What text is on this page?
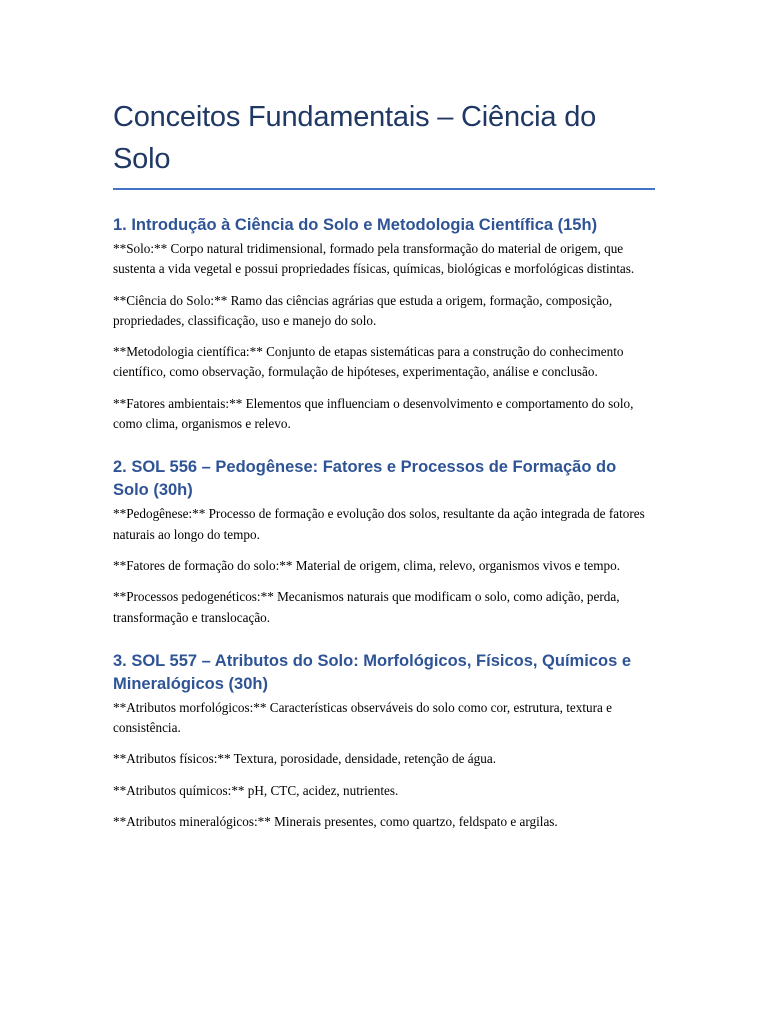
Conceitos Fundamentais – Ciência do Solo
1. Introdução à Ciência do Solo e Metodologia Científica (15h)

**Solo:** Corpo natural tridimensional, formado pela transformação do material de origem, que sustenta a vida vegetal e possui propriedades físicas, químicas, biológicas e morfológicas distintas.

**Ciência do Solo:** Ramo das ciências agrárias que estuda a origem, formação, composição, propriedades, classificação, uso e manejo do solo.

**Metodologia científica:** Conjunto de etapas sistemáticas para a construção do conhecimento científico, como observação, formulação de hipóteses, experimentação, análise e conclusão.

**Fatores ambientais:** Elementos que influenciam o desenvolvimento e comportamento do solo, como clima, organismos e relevo.

2. SOL 556 – Pedogênese: Fatores e Processos de Formação do Solo (30h)

**Pedogênese:** Processo de formação e evolução dos solos, resultante da ação integrada de fatores naturais ao longo do tempo.

**Fatores de formação do solo:** Material de origem, clima, relevo, organismos vivos e tempo.

**Processos pedogenéticos:** Mecanismos naturais que modificam o solo, como adição, perda, transformação e translocação.

3. SOL 557 – Atributos do Solo: Morfológicos, Físicos, Químicos e Mineralógicos (30h)

**Atributos morfológicos:** Características observáveis do solo como cor, estrutura, textura e consistência.

**Atributos físicos:** Textura, porosidade, densidade, retenção de água.

**Atributos químicos:** pH, CTC, acidez, nutrientes.

**Atributos mineralógicos:** Minerais presentes, como quartzo, feldspato e argilas.
